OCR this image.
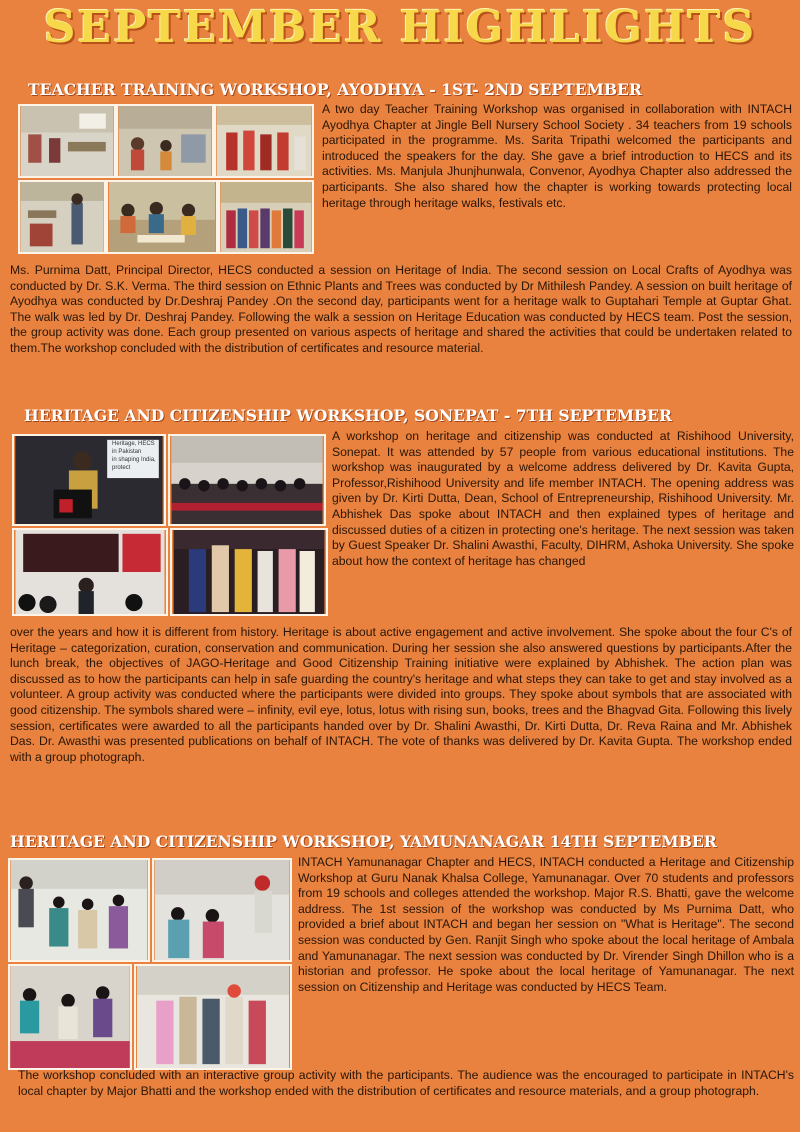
SEPTEMBER HIGHLIGHTS
TEACHER TRAINING WORKSHOP, AYODHYA - 1ST- 2ND SEPTEMBER
A two day Teacher Training Workshop was organised in collaboration with INTACH Ayodhya Chapter at Jingle Bell Nursery School Society . 34 teachers from 19 schools participated in the programme. Ms. Sarita Tripathi welcomed the participants and introduced the speakers for the day. She gave a brief introduction to HECS and its activities. Ms. Manjula Jhunjhunwala, Convenor, Ayodhya Chapter also addressed the participants. She also shared how the chapter is working towards protecting local heritage through heritage walks, festivals etc.
Ms. Purnima Datt, Principal Director, HECS conducted a session on Heritage of India. The second session on Local Crafts of Ayodhya was conducted by Dr. S.K. Verma. The third session on Ethnic Plants and Trees was conducted by Dr Mithilesh Pandey. A session on built heritage of Ayodhya was conducted by Dr.Deshraj Pandey .On the second day, participants went for a heritage walk to Guptahari Temple at Guptar Ghat. The walk was led by Dr. Deshraj Pandey. Following the walk a session on Heritage Education was conducted by HECS team. Post the session, the group activity was done. Each group presented on various aspects of heritage and shared the activities that could be undertaken related to them.The workshop concluded with the distribution of certificates and resource material.
HERITAGE AND CITIZENSHIP WORKSHOP, SONEPAT - 7TH SEPTEMBER
A workshop on heritage and citizenship was conducted at Rishihood University, Sonepat. It was attended by 57 people from various educational institutions. The workshop was inaugurated by a welcome address delivered by Dr. Kavita Gupta, Professor,Rishihood University and life member INTACH. The opening address was given by Dr. Kirti Dutta, Dean, School of Entrepreneurship, Rishihood University. Mr. Abhishek Das spoke about INTACH and then explained types of heritage and discussed duties of a citizen in protecting one's heritage. The next session was taken by Guest Speaker Dr. Shalini Awasthi, Faculty, DIHRM, Ashoka University. She spoke about how the context of heritage has changed
over the years and how it is different from history. Heritage is about active engagement and active involvement. She spoke about the four C's of Heritage – categorization, curation, conservation and communication. During her session she also answered questions by participants.After the lunch break, the objectives of JAGO-Heritage and Good Citizenship Training initiative were explained by Abhishek. The action plan was discussed as to how the participants can help in safe guarding the country's heritage and what steps they can take to get and stay involved as a volunteer. A group activity was conducted where the participants were divided into groups. They spoke about symbols that are associated with good citizenship. The symbols shared were – infinity, evil eye, lotus, lotus with rising sun, books, trees and the Bhagvad Gita. Following this lively session, certificates were awarded to all the participants handed over by Dr. Shalini Awasthi, Dr. Kirti Dutta, Dr. Reva Raina and Mr. Abhishek Das. Dr. Awasthi was presented publications on behalf of INTACH. The vote of thanks was delivered by Dr. Kavita Gupta. The workshop ended with a group photograph.
HERITAGE AND CITIZENSHIP WORKSHOP, YAMUNANAGAR 14TH SEPTEMBER
INTACH Yamunanagar Chapter and HECS, INTACH conducted a Heritage and Citizenship Workshop at Guru Nanak Khalsa College, Yamunanagar. Over 70 students and professors from 19 schools and colleges attended the workshop. Major R.S. Bhatti, gave the welcome address. The 1st session of the workshop was conducted by Ms Purnima Datt, who provided a brief about INTACH and began her session on "What is Heritage". The second session was conducted by Gen. Ranjit Singh who spoke about the local heritage of Ambala and Yamunanagar. The next session was conducted by Dr. Virender Singh Dhillon who is a historian and professor. He spoke about the local heritage of Yamunanagar. The next session on Citizenship and Heritage was conducted by HECS Team.
The workshop concluded with an interactive group activity with the participants. The audience was the encouraged to participate in INTACH's local chapter by Major Bhatti and the workshop ended with the distribution of certificates and resource materials, and a group photograph.
Heritage, HECS
in Pakistan
in shaping India, protect
